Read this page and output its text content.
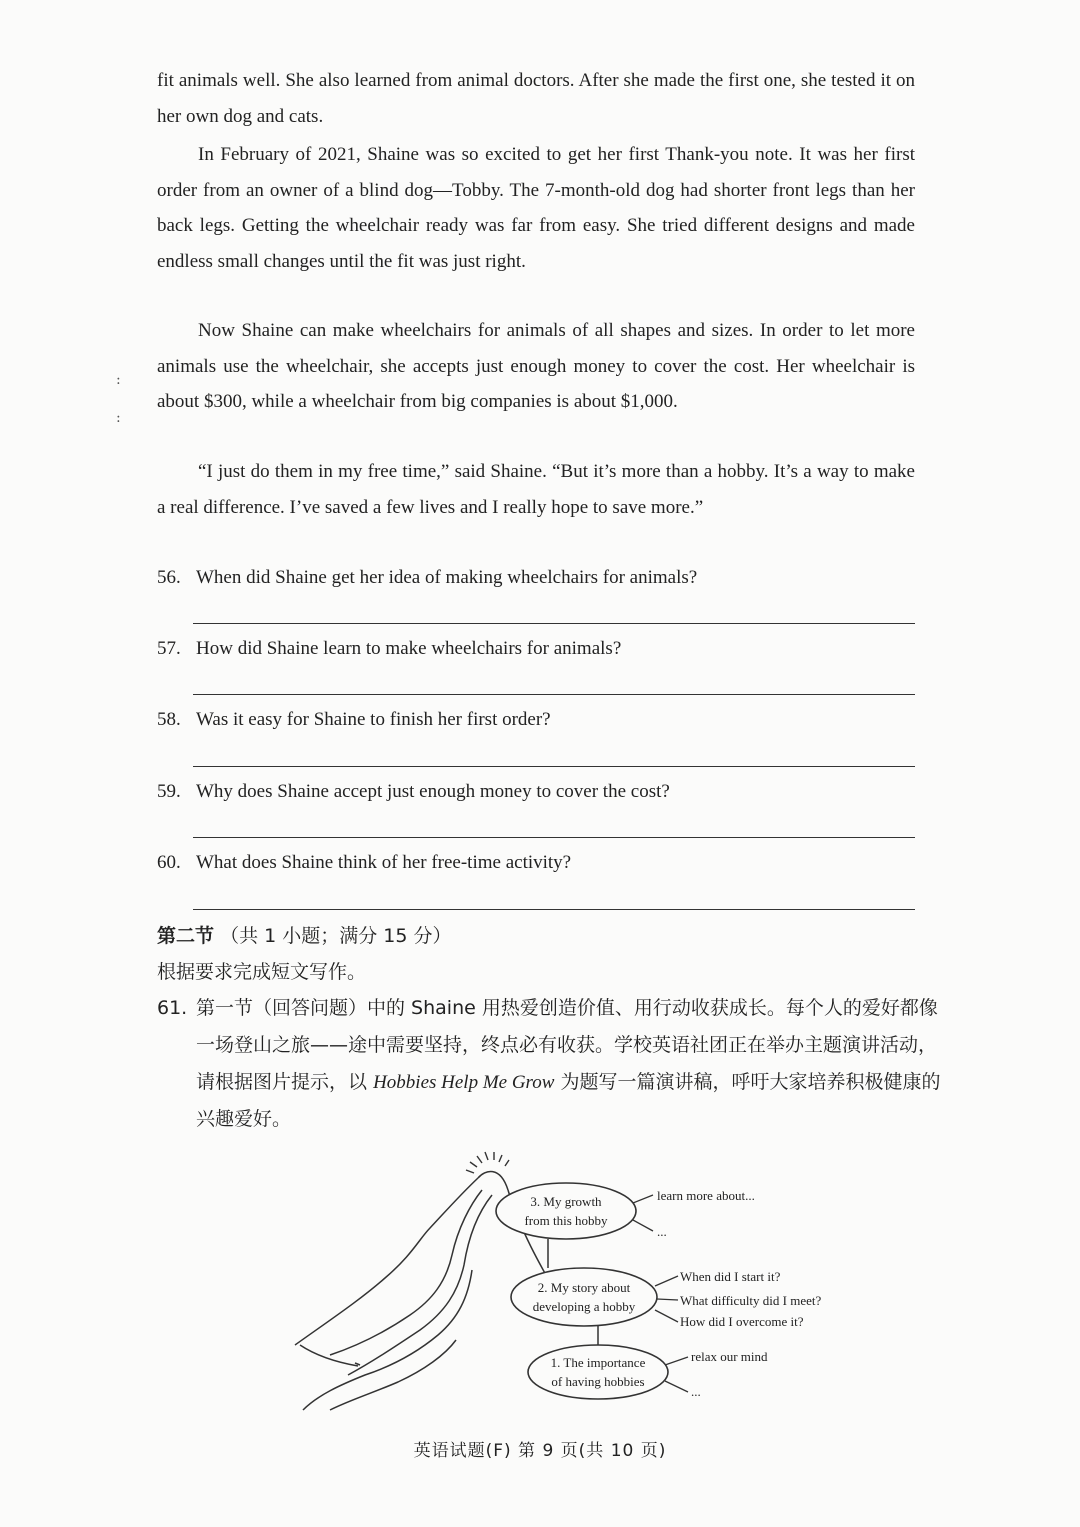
fit animals well. She also learned from animal doctors. After she made the first one, she tested it on her own dog and cats.

In February of 2021, Shaine was so excited to get her first Thank-you note. It was her first order from an owner of a blind dog—Tobby. The 7-month-old dog had shorter front legs than her back legs. Getting the wheelchair ready was far from easy. She tried different designs and made endless small changes until the fit was just right.

Now Shaine can make wheelchairs for animals of all shapes and sizes. In order to let more animals use the wheelchair, she accepts just enough money to cover the cost. Her wheelchair is about $300, while a wheelchair from big companies is about $1,000.

“I just do them in my free time,” said Shaine. “But it’s more than a hobby. It’s a way to make a real difference. I’ve saved a few lives and I really hope to save more.”

:
:
56. When did Shaine get her idea of making wheelchairs for animals?
57. How did Shaine learn to make wheelchairs for animals?
58. Was it easy for Shaine to finish her first order?
59. Why does Shaine accept just enough money to cover the cost?
60. What does Shaine think of her free-time activity?
第二节 （共 1 小题；满分 15 分）
根据要求完成短文写作。
61. 第一节（回答问题）中的 Shaine 用热爱创造价值、用行动收获成长。每个人的爱好都像一场登山之旅——途中需要坚持，终点必有收获。学校英语社团正在举办主题演讲活动，请根据图片提示，以 Hobbies Help Me Grow 为题写一篇演讲稿，呼吁大家培养积极健康的兴趣爱好。
3. My growth
from this hobby
learn more about...
...
2. My story about
developing a hobby
When did I start it?
What difficulty did I meet?
How did I overcome it?
1. The importance
of having hobbies
relax our mind
...
英语试题(F) 第 9 页(共 10 页)
